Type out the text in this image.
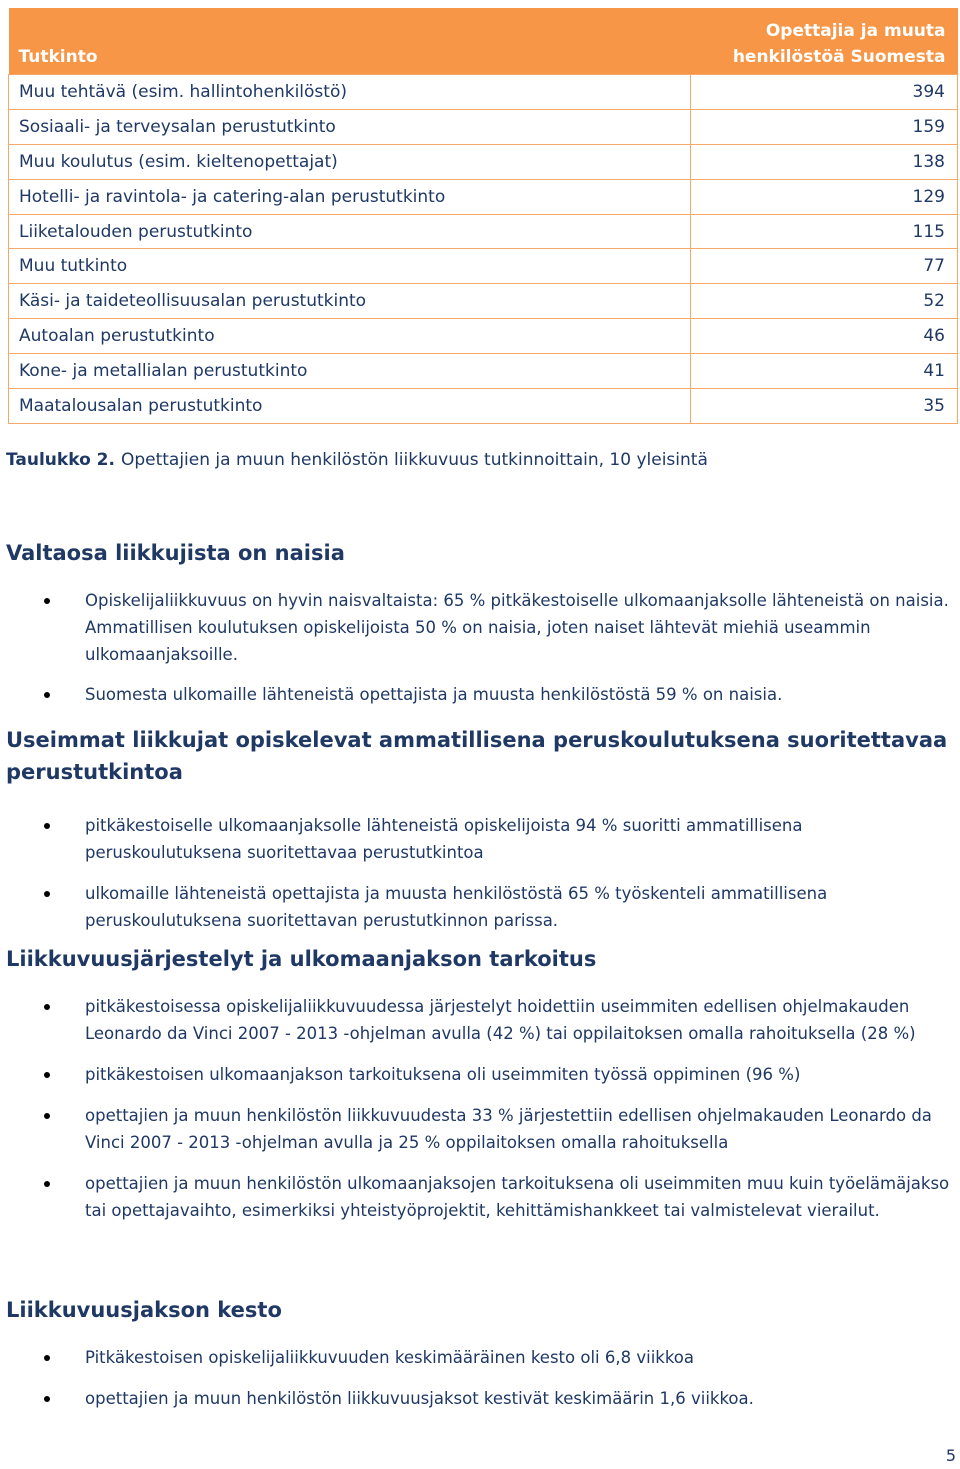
Tutkinto	Opettajia ja muuta
henkilöstöä Suomesta
Muu tehtävä (esim. hallintohenkilöstö)	394
Sosiaali- ja terveysalan perustutkinto	159
Muu koulutus (esim. kieltenopettajat)	138
Hotelli- ja ravintola- ja catering-alan perustutkinto	129
Liiketalouden perustutkinto	115
Muu tutkinto	77
Käsi- ja taideteollisuusalan perustutkinto	52
Autoalan perustutkinto	46
Kone- ja metallialan perustutkinto	41
Maatalousalan perustutkinto	35
Taulukko 2. Opettajien ja muun henkilöstön liikkuvuus tutkinnoittain, 10 yleisintä
Valtaosa liikkujista on naisia
Opiskelijaliikkuvuus on hyvin naisvaltaista: 65 % pitkäkestoiselle ulkomaanjaksolle lähteneistä on naisia. Ammatillisen koulutuksen opiskelijoista 50 % on naisia, joten naiset lähtevät miehiä useammin ulkomaanjaksoille.
Suomesta ulkomaille lähteneistä opettajista ja muusta henkilöstöstä 59 % on naisia.
Useimmat liikkujat opiskelevat ammatillisena peruskoulutuksena suoritettavaa perustutkintoa
pitkäkestoiselle ulkomaanjaksolle lähteneistä opiskelijoista 94 % suoritti ammatillisena peruskoulutuksena suoritettavaa perustutkintoa
ulkomaille lähteneistä opettajista ja muusta henkilöstöstä 65 % työskenteli ammatillisena peruskoulutuksena suoritettavan perustutkinnon parissa.
Liikkuvuusjärjestelyt ja ulkomaanjakson tarkoitus
pitkäkestoisessa opiskelijaliikkuvuudessa järjestelyt hoidettiin useimmiten edellisen ohjelmakauden Leonardo da Vinci 2007 - 2013 -ohjelman avulla (42 %) tai oppilaitoksen omalla rahoituksella (28 %)
pitkäkestoisen ulkomaanjakson tarkoituksena oli useimmiten työssä oppiminen (96 %)
opettajien ja muun henkilöstön liikkuvuudesta 33 % järjestettiin edellisen ohjelmakauden Leonardo da Vinci 2007 - 2013 -ohjelman avulla ja 25 % oppilaitoksen omalla rahoituksella
opettajien ja muun henkilöstön ulkomaanjaksojen tarkoituksena oli useimmiten muu kuin työelämäjakso tai opettajavaihto, esimerkiksi yhteistyöprojektit, kehittämishankkeet tai valmistelevat vierailut.
Liikkuvuusjakson kesto
Pitkäkestoisen opiskelijaliikkuvuuden keskimääräinen kesto oli 6,8 viikkoa
opettajien ja muun henkilöstön liikkuvuusjaksot kestivät keskimäärin 1,6 viikkoa.
5
